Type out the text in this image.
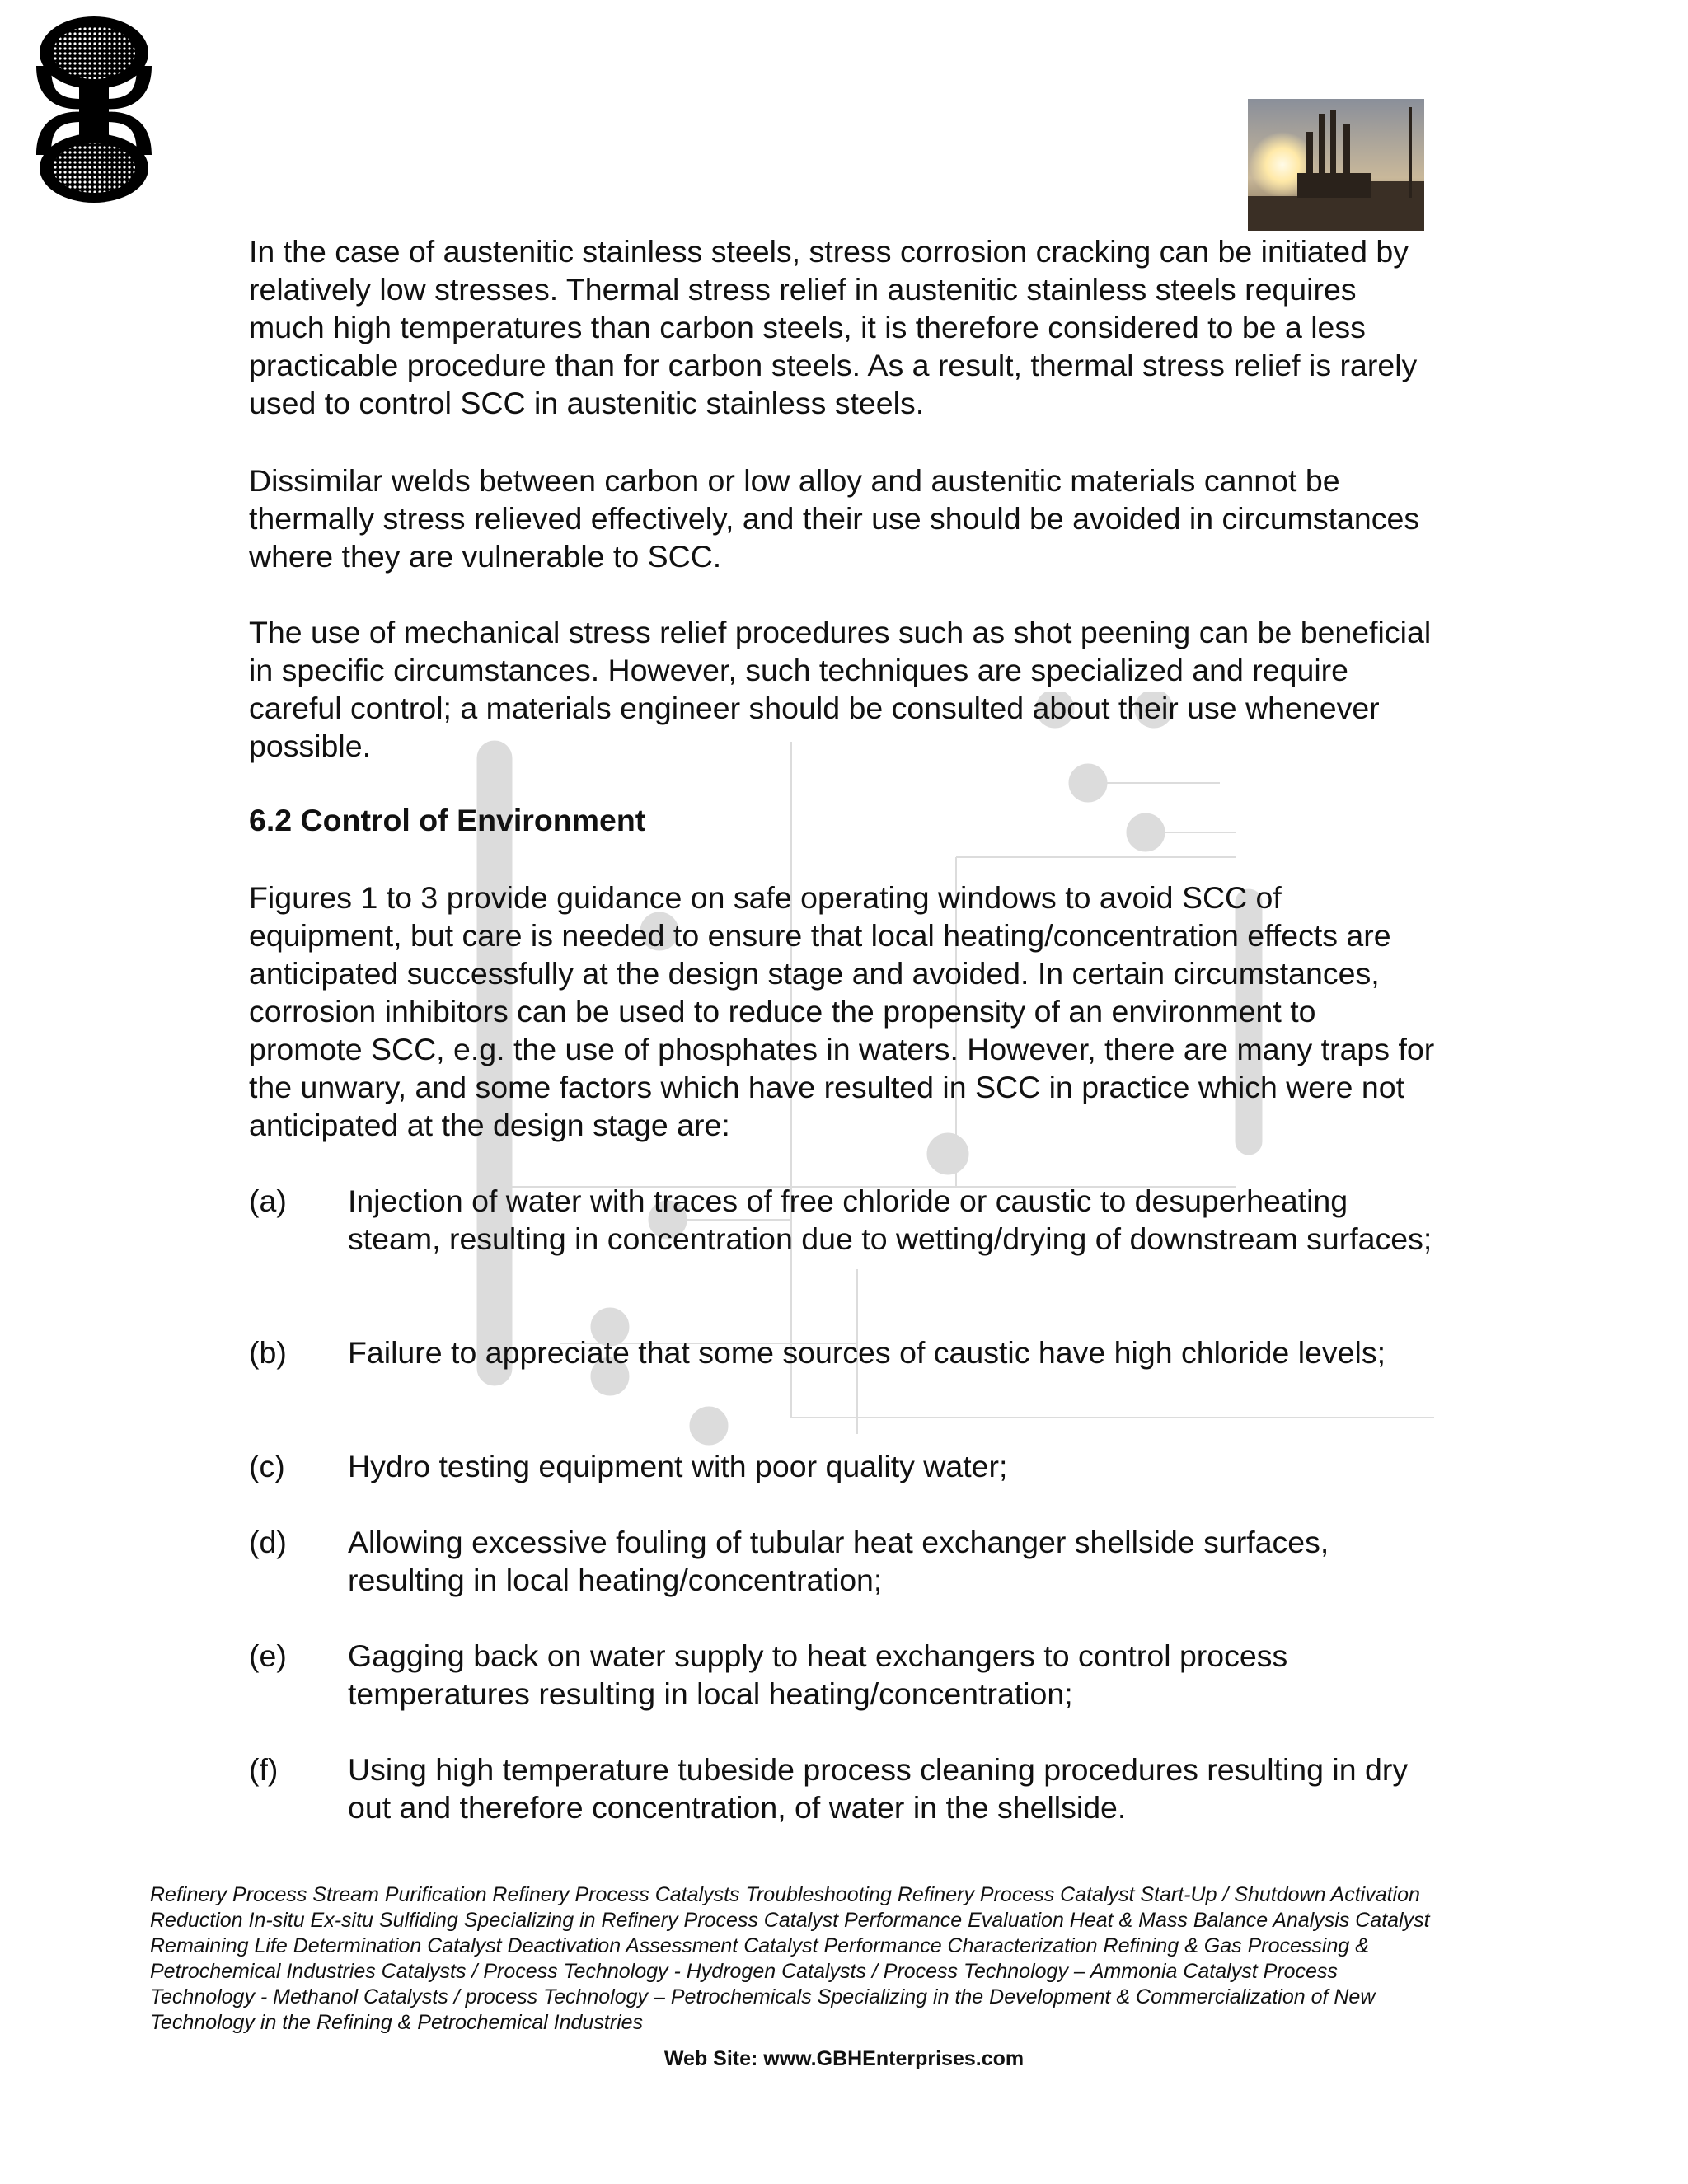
In the case of austenitic stainless steels, stress corrosion cracking can be initiated by relatively low stresses. Thermal stress relief in austenitic stainless steels requires much high temperatures than carbon steels, it is therefore considered to be a less practicable procedure than for carbon steels. As a result, thermal stress relief is rarely used to control SCC in austenitic stainless steels.

Dissimilar welds between carbon or low alloy and austenitic materials cannot be thermally stress relieved effectively, and their use should be avoided in circumstances where they are vulnerable to SCC.

The use of mechanical stress relief procedures such as shot peening can be beneficial in specific circumstances. However, such techniques are specialized and require careful control; a materials engineer should be consulted about their use whenever possible.

6.2 Control of Environment

Figures 1 to 3 provide guidance on safe operating windows to avoid SCC of equipment, but care is needed to ensure that local heating/concentration effects are anticipated successfully at the design stage and avoided. In certain circumstances, corrosion inhibitors can be used to reduce the propensity of an environment to promote SCC, e.g. the use of phosphates in waters. However, there are many traps for the unwary, and some factors which have resulted in SCC in practice which were not anticipated at the design stage are:

(a) Injection of water with traces of free chloride or caustic to desuperheating steam, resulting in concentration due to wetting/drying of downstream surfaces;
(b) Failure to appreciate that some sources of caustic have high chloride levels;
(c) Hydro testing equipment with poor quality water;
(d) Allowing excessive fouling of tubular heat exchanger shellside surfaces, resulting in local heating/concentration;
(e) Gagging back on water supply to heat exchangers to control process temperatures resulting in local heating/concentration;
(f) Using high temperature tubeside process cleaning procedures resulting in dry out and therefore concentration, of water in the shellside.

Refinery Process Stream Purification Refinery Process Catalysts Troubleshooting Refinery Process Catalyst Start-Up / Shutdown Activation Reduction In-situ Ex-situ Sulfiding Specializing in Refinery Process Catalyst Performance Evaluation Heat & Mass Balance Analysis Catalyst Remaining Life Determination Catalyst Deactivation Assessment Catalyst Performance Characterization Refining & Gas Processing & Petrochemical Industries Catalysts / Process Technology - Hydrogen Catalysts / Process Technology – Ammonia Catalyst Process Technology - Methanol Catalysts / process Technology – Petrochemicals Specializing in the Development & Commercialization of New Technology in the Refining & Petrochemical Industries

Web Site: www.GBHEnterprises.com
